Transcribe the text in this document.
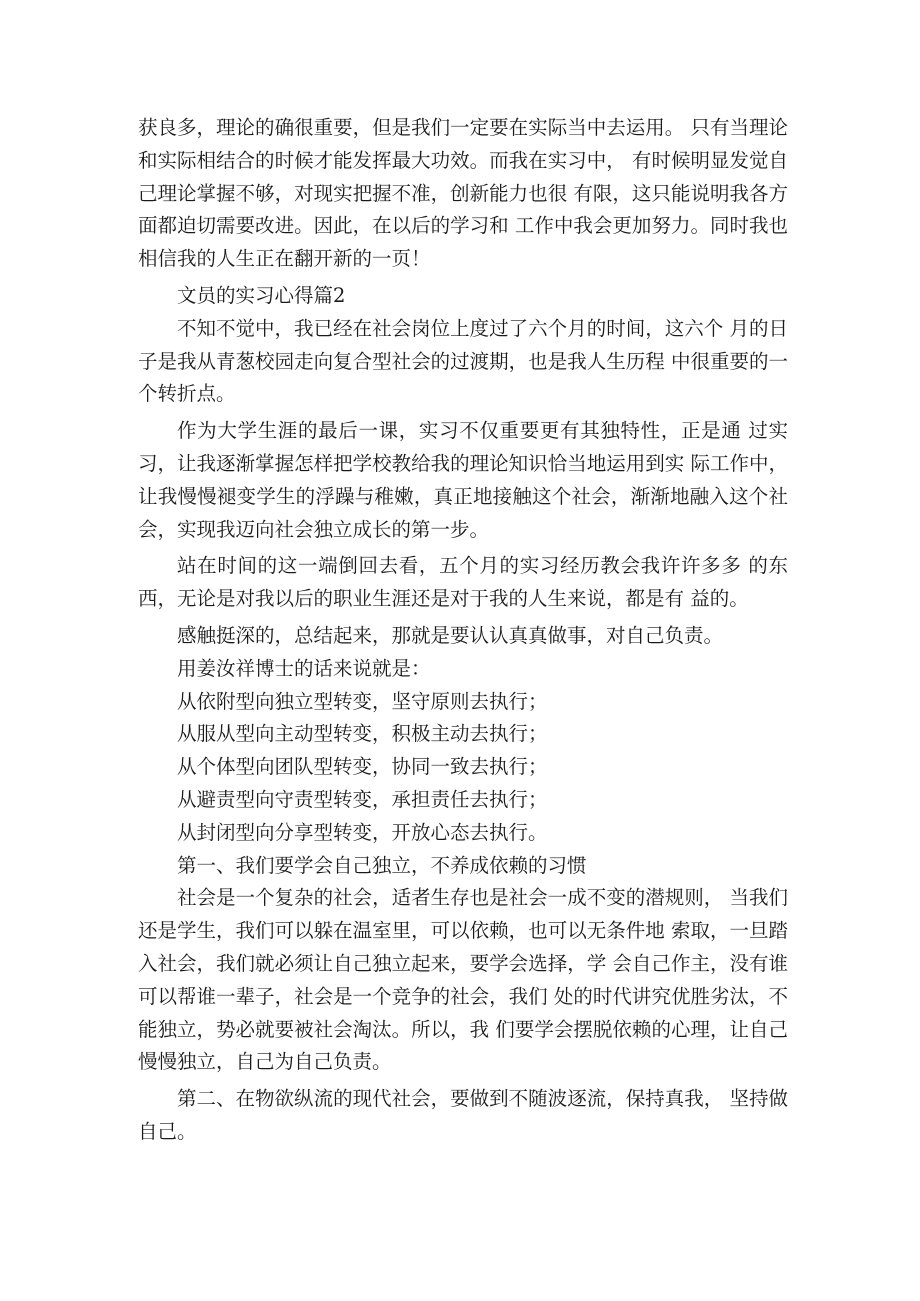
获良多，理论的确很重要，但是我们一定要在实际当中去运用。 只有当理论和实际相结合的时候才能发挥最大功效。而我在实习中， 有时候明显发觉自己理论掌握不够，对现实把握不准，创新能力也很 有限，这只能说明我各方面都迫切需要改进。因此，在以后的学习和 工作中我会更加努力。同时我也相信我的人生正在翻开新的一页！

文员的实习心得篇2

不知不觉中，我已经在社会岗位上度过了六个月的时间，这六个 月的日子是我从青葱校园走向复合型社会的过渡期，也是我人生历程 中很重要的一个转折点。

作为大学生涯的最后一课，实习不仅重要更有其独特性，正是通 过实习，让我逐渐掌握怎样把学校教给我的理论知识恰当地运用到实 际工作中，让我慢慢褪变学生的浮躁与稚嫩，真正地接触这个社会，渐渐地融入这个社会，实现我迈向社会独立成长的第一步。

站在时间的这一端倒回去看，五个月的实习经历教会我许许多多 的东西，无论是对我以后的职业生涯还是对于我的人生来说，都是有 益的。

感触挺深的，总结起来，那就是要认认真真做事，对自己负责。

用姜汝祥博士的话来说就是：

从依附型向独立型转变，坚守原则去执行；

从服从型向主动型转变，积极主动去执行；

从个体型向团队型转变，协同一致去执行；

从避责型向守责型转变，承担责任去执行；

从封闭型向分享型转变，开放心态去执行。

第一、我们要学会自己独立，不养成依赖的习惯

社会是一个复杂的社会，适者生存也是社会一成不变的潜规则， 当我们还是学生，我们可以躲在温室里，可以依赖，也可以无条件地 索取，一旦踏入社会，我们就必须让自己独立起来，要学会选择，学 会自己作主，没有谁可以帮谁一辈子，社会是一个竞争的社会，我们 处的时代讲究优胜劣汰，不能独立，势必就要被社会淘汰。所以，我 们要学会摆脱依赖的心理，让自己慢慢独立，自己为自己负责。

第二、在物欲纵流的现代社会，要做到不随波逐流，保持真我， 坚持做自己。
